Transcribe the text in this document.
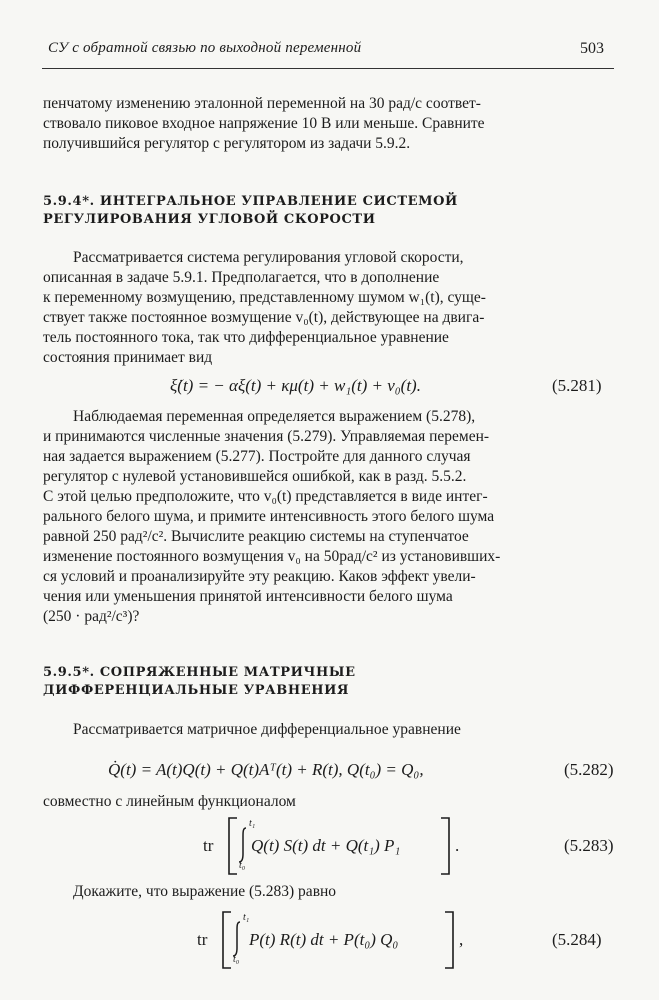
СУ с обратной связью по выходной переменной	503
пенчатому изменению эталонной переменной на 30 рад/с соответ-
ствовало пиковое входное напряжение 10 В или меньше. Сравните
получившийся регулятор с регулятором из задачи 5.9.2.
5.9.4*. ИНТЕГРАЛЬНОЕ УПРАВЛЕНИЕ СИСТЕМОЙ
РЕГУЛИРОВАНИЯ УГЛОВОЙ СКОРОСТИ
Рассматривается система регулирования угловой скорости,
описанная в задаче 5.9.1. Предполагается, что в дополнение
к переменному возмущению, представленному шумом w₁(t), суще-
ствует также постоянное возмущение v₀(t), действующее на двига-
тель постоянного тока, так что дифференциальное уравнение
состояния принимает вид
ξ̇(t) = − αξ(t) + κμ(t) + w₁(t) + v₀(t).	(5.281)
Наблюдаемая переменная определяется выражением (5.278),
и принимаются численные значения (5.279). Управляемая перемен-
ная задается выражением (5.277). Постройте для данного случая
регулятор с нулевой установившейся ошибкой, как в разд. 5.5.2.
С этой целью предположите, что v₀(t) представляется в виде интег-
рального белого шума, и примите интенсивность этого белого шума
равной 250 рад²/с². Вычислите реакцию системы на ступенчатое
изменение постоянного возмущения v₀ на 50рад/с² из установивших-
ся условий и проанализируйте эту реакцию. Каков эффект увели-
чения или уменьшения принятой интенсивности белого шума
(250 · рад²/с³)?
5.9.5*. СОПРЯЖЕННЫЕ МАТРИЧНЫЕ
ДИФФЕРЕНЦИАЛЬНЫЕ УРАВНЕНИЯ
Рассматривается матричное дифференциальное уравнение
Q̇(t) = A(t)Q(t) + Q(t)Aᵀ(t) + R(t), Q(t₀) = Q₀,	(5.282)
совместно с линейным функционалом
tr
t₁
t₀
Q(t) S(t) dt + Q(t₁) P₁	.	(5.283)
Докажите, что выражение (5.283) равно
tr
t₁
t₀
P(t) R(t) dt + P(t₀) Q₀	,	(5.284)
